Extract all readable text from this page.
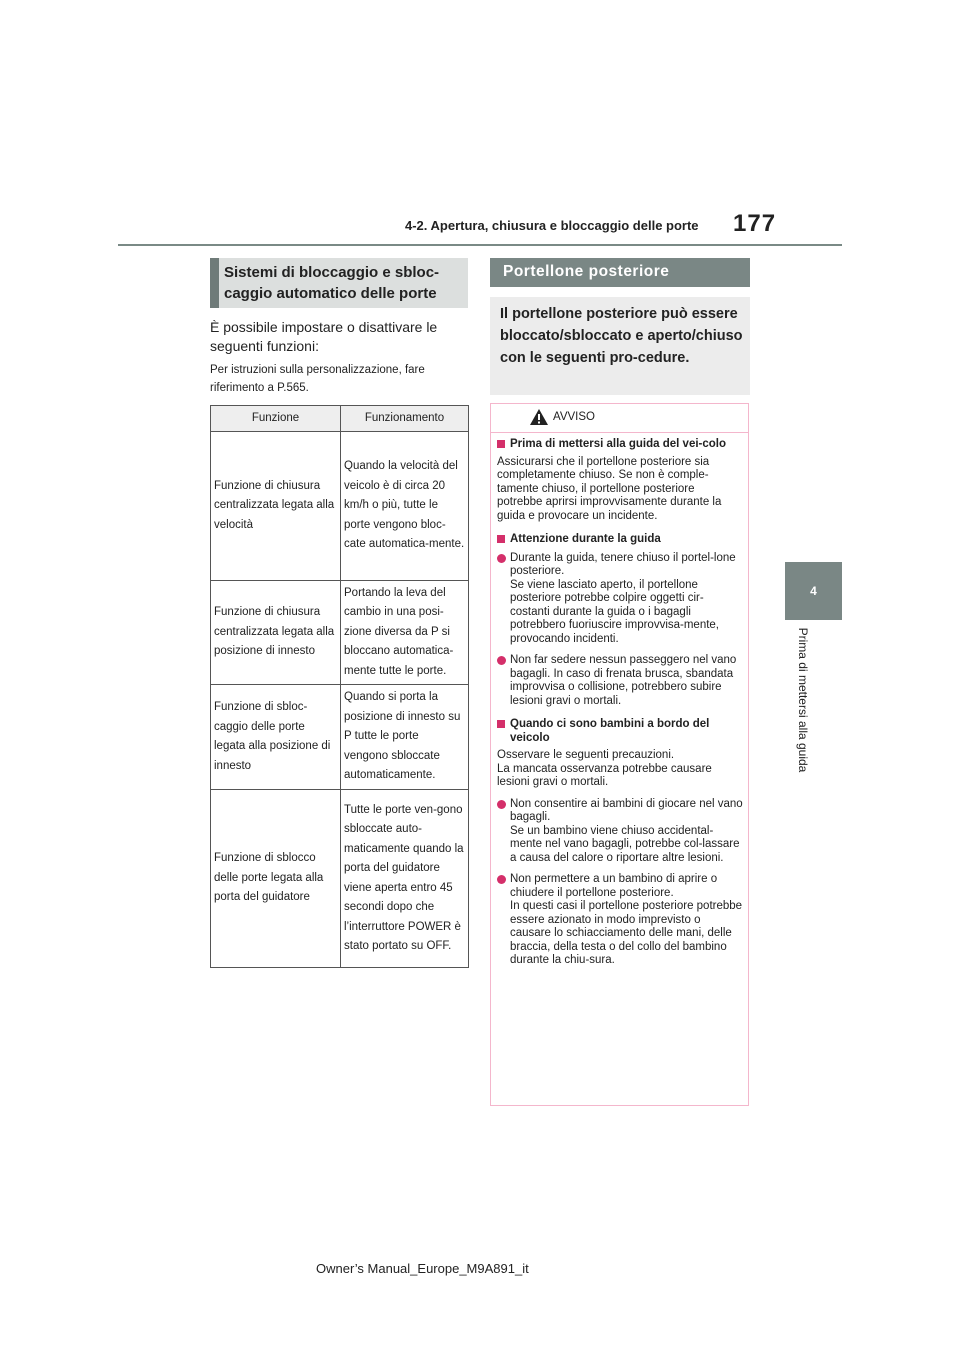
4-2. Apertura, chiusura e bloccaggio delle porte 177
4
Prima di mettersi alla guida
Sistemi di bloccaggio e sbloc-caggio automatico delle porte
È possibile impostare o disattivare le seguenti funzioni:
Per istruzioni sulla personalizzazione, fare riferimento a P.565.
Funzione	Funzionamento
Funzione di chiusura centralizzata legata alla velocità	Quando la velocità del veicolo è di circa 20 km/h o più, tutte le porte vengono bloc-cate automatica-mente.
Funzione di chiusura centralizzata legata alla posizione di innesto	Portando la leva del cambio in una posi-zione diversa da P si bloccano automatica-mente tutte le porte.
Funzione di sbloc-caggio delle porte legata alla posizione di innesto	Quando si porta la posizione di innesto su P tutte le porte vengono sbloccate automaticamente.
Funzione di sblocco delle porte legata alla porta del guidatore	Tutte le porte ven-gono sbloccate auto-maticamente quando la porta del guidatore viene aperta entro 45 secondi dopo che l’interruttore POWER è stato portato su OFF.
Portellone posteriore
Il portellone posteriore può essere bloccato/sbloccato e aperto/chiuso con le seguenti pro-cedure.
AVVISO
Prima di mettersi alla guida del vei-colo
Assicurarsi che il portellone posteriore sia completamente chiuso. Se non è comple-tamente chiuso, il portellone posteriore potrebbe aprirsi improvvisamente durante la guida e provocare un incidente.
Attenzione durante la guida
Durante la guida, tenere chiuso il portel-lone posteriore.
Se viene lasciato aperto, il portellone posteriore potrebbe colpire oggetti cir-costanti durante la guida o i bagagli potrebbero fuoriuscire improvvisa-mente, provocando incidenti.
Non far sedere nessun passeggero nel vano bagagli. In caso di frenata brusca, sbandata improvvisa o collisione, potrebbero subire lesioni gravi o mortali.
Quando ci sono bambini a bordo del veicolo
Osservare le seguenti precauzioni.
La mancata osservanza potrebbe causare lesioni gravi o mortali.
Non consentire ai bambini di giocare nel vano bagagli.
Se un bambino viene chiuso accidental-mente nel vano bagagli, potrebbe col-lassare a causa del calore o riportare altre lesioni.
Non permettere a un bambino di aprire o chiudere il portellone posteriore.
In questi casi il portellone posteriore potrebbe essere azionato in modo imprevisto o causare lo schiacciamento delle mani, delle braccia, della testa o del collo del bambino durante la chiu-sura.
Owner’s Manual_Europe_M9A891_it
